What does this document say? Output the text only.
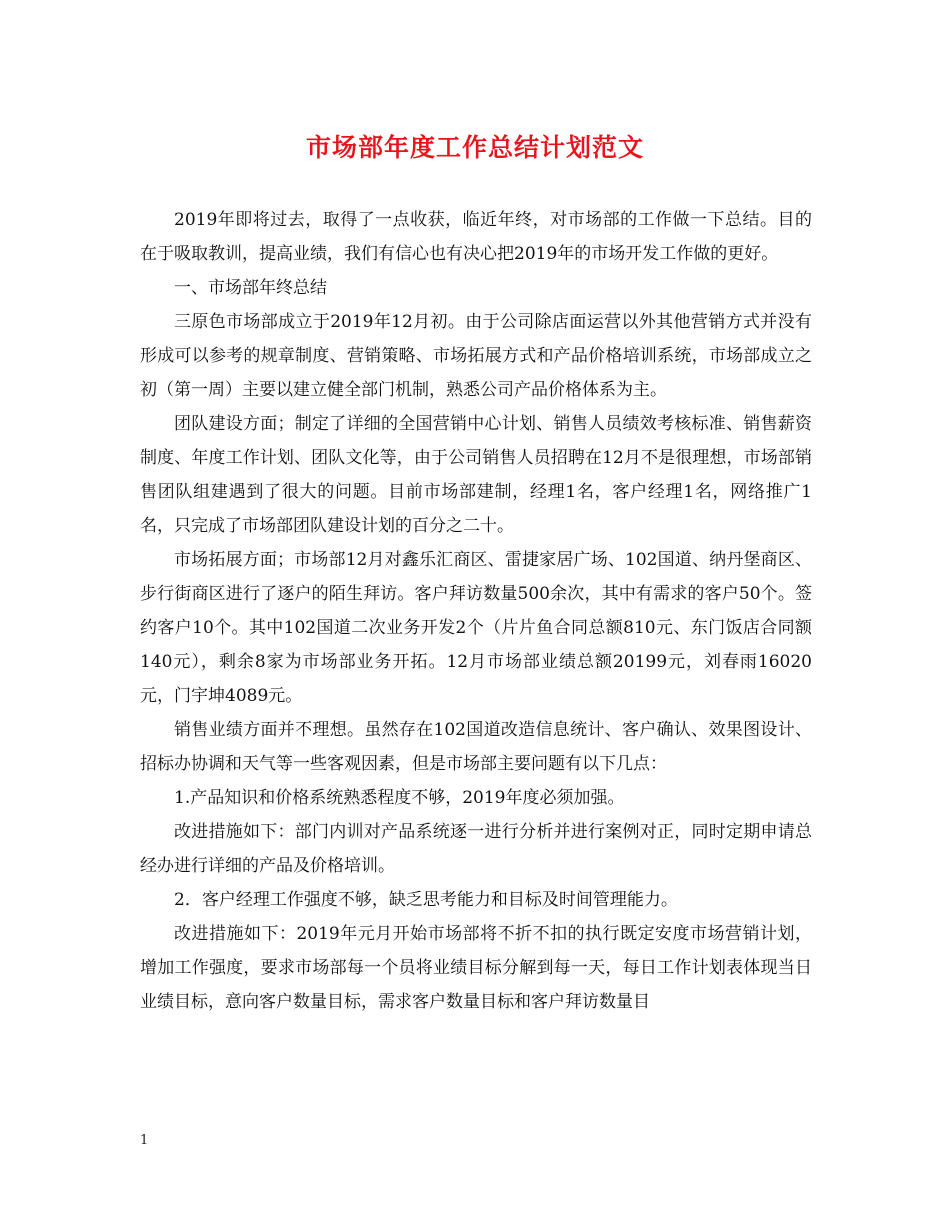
市场部年度工作总结计划范文

2019年即将过去，取得了一点收获，临近年终，对市场部的工作做一下总结。目的在于吸取教训，提高业绩，我们有信心也有决心把2019年的市场开发工作做的更好。

一、市场部年终总结

三原色市场部成立于2019年12月初。由于公司除店面运营以外其他营销方式并没有形成可以参考的规章制度、营销策略、市场拓展方式和产品价格培训系统，市场部成立之初（第一周）主要以建立健全部门机制，熟悉公司产品价格体系为主。

团队建设方面；制定了详细的全国营销中心计划、销售人员绩效考核标准、销售薪资制度、年度工作计划、团队文化等，由于公司销售人员招聘在12月不是很理想，市场部销售团队组建遇到了很大的问题。目前市场部建制，经理1名，客户经理1名，网络推广1名，只完成了市场部团队建设计划的百分之二十。

市场拓展方面；市场部12月对鑫乐汇商区、雷捷家居广场、102国道、纳丹堡商区、步行街商区进行了逐户的陌生拜访。客户拜访数量500余次，其中有需求的客户50个。签约客户10个。其中102国道二次业务开发2个（片片鱼合同总额810元、东门饭店合同额140元），剩余8家为市场部业务开拓。12月市场部业绩总额20199元，刘春雨16020元，门宇坤4089元。

销售业绩方面并不理想。虽然存在102国道改造信息统计、客户确认、效果图设计、招标办协调和天气等一些客观因素，但是市场部主要问题有以下几点：

1.产品知识和价格系统熟悉程度不够，2019年度必须加强。

改进措施如下：部门内训对产品系统逐一进行分析并进行案例对正，同时定期申请总经办进行详细的产品及价格培训。

2．客户经理工作强度不够，缺乏思考能力和目标及时间管理能力。

改进措施如下：2019年元月开始市场部将不折不扣的执行既定安度市场营销计划，增加工作强度，要求市场部每一个员将业绩目标分解到每一天，每日工作计划表体现当日业绩目标，意向客户数量目标，需求客户数量目标和客户拜访数量目

1
